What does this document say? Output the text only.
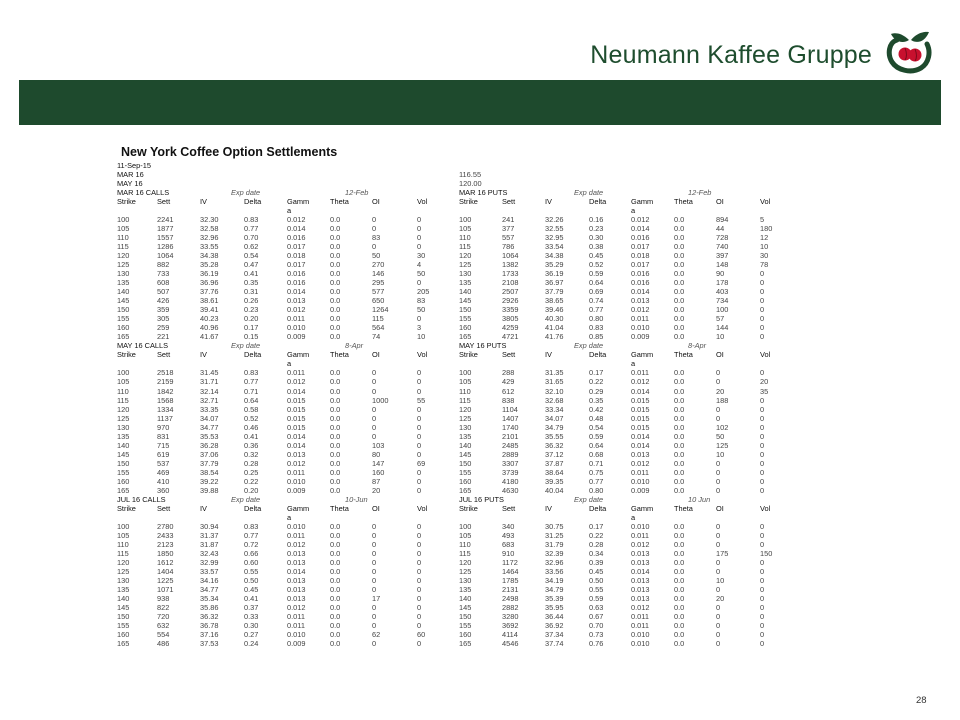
Neumann Kaffee Gruppe
New York Coffee Option Settlements
11-Sep-15
MAR 16	116.55
MAY 16	120.00
MAR 16 CALLS	Exp date	12-Feb	MAR 16 PUTS	Exp date	12-Feb
Strike	Sett	IV	Delta	Gamm	Theta	OI	Vol	Strike	Sett	IV	Delta	Gamm	Theta	OI	Vol
a	a
100	2241	32.30	0.83	0.012	0.0	0	0	100	241	32.26	0.16	0.012	0.0	894	5
105	1877	32.58	0.77	0.014	0.0	0	0	105	377	32.55	0.23	0.014	0.0	44	180
110	1557	32.96	0.70	0.016	0.0	83	0	110	557	32.95	0.30	0.016	0.0	728	12
115	1286	33.55	0.62	0.017	0.0	0	0	115	786	33.54	0.38	0.017	0.0	740	10
120	1064	34.38	0.54	0.018	0.0	50	30	120	1064	34.38	0.45	0.018	0.0	397	30
125	882	35.28	0.47	0.017	0.0	270	4	125	1382	35.29	0.52	0.017	0.0	148	78
130	733	36.19	0.41	0.016	0.0	146	50	130	1733	36.19	0.59	0.016	0.0	90	0
135	608	36.96	0.35	0.016	0.0	295	0	135	2108	36.97	0.64	0.016	0.0	178	0
140	507	37.76	0.31	0.014	0.0	577	205	140	2507	37.79	0.69	0.014	0.0	403	0
145	426	38.61	0.26	0.013	0.0	650	83	145	2926	38.65	0.74	0.013	0.0	734	0
150	359	39.41	0.23	0.012	0.0	1264	50	150	3359	39.46	0.77	0.012	0.0	100	0
155	305	40.23	0.20	0.011	0.0	115	0	155	3805	40.30	0.80	0.011	0.0	57	0
160	259	40.96	0.17	0.010	0.0	564	3	160	4259	41.04	0.83	0.010	0.0	144	0
165	221	41.67	0.15	0.009	0.0	74	10	165	4721	41.76	0.85	0.009	0.0	10	0
MAY 16 CALLS	Exp date	8-Apr	MAY 16 PUTS	Exp date	8-Apr
Strike	Sett	IV	Delta	Gamm	Theta	OI	Vol	Strike	Sett	IV	Delta	Gamm	Theta	OI	Vol
a	a
100	2518	31.45	0.83	0.011	0.0	0	0	100	288	31.35	0.17	0.011	0.0	0	0
105	2159	31.71	0.77	0.012	0.0	0	0	105	429	31.65	0.22	0.012	0.0	0	20
110	1842	32.14	0.71	0.014	0.0	0	0	110	612	32.10	0.29	0.014	0.0	20	35
115	1568	32.71	0.64	0.015	0.0	1000	55	115	838	32.68	0.35	0.015	0.0	188	0
120	1334	33.35	0.58	0.015	0.0	0	0	120	1104	33.34	0.42	0.015	0.0	0	0
125	1137	34.07	0.52	0.015	0.0	0	0	125	1407	34.07	0.48	0.015	0.0	0	0
130	970	34.77	0.46	0.015	0.0	0	0	130	1740	34.79	0.54	0.015	0.0	102	0
135	831	35.53	0.41	0.014	0.0	0	0	135	2101	35.55	0.59	0.014	0.0	50	0
140	715	36.28	0.36	0.014	0.0	103	0	140	2485	36.32	0.64	0.014	0.0	125	0
145	619	37.06	0.32	0.013	0.0	80	0	145	2889	37.12	0.68	0.013	0.0	10	0
150	537	37.79	0.28	0.012	0.0	147	69	150	3307	37.87	0.71	0.012	0.0	0	0
155	469	38.54	0.25	0.011	0.0	160	0	155	3739	38.64	0.75	0.011	0.0	0	0
160	410	39.22	0.22	0.010	0.0	87	0	160	4180	39.35	0.77	0.010	0.0	0	0
165	360	39.88	0.20	0.009	0.0	20	0	165	4630	40.04	0.80	0.009	0.0	0	0
JUL 16 CALLS	Exp date	10-Jun	JUL 16 PUTS	Exp date	10 Jun
Strike	Sett	IV	Delta	Gamm	Theta	OI	Vol	Strike	Sett	IV	Delta	Gamm	Theta	OI	Vol
a	a
100	2780	30.94	0.83	0.010	0.0	0	0	100	340	30.75	0.17	0.010	0.0	0	0
105	2433	31.37	0.77	0.011	0.0	0	0	105	493	31.25	0.22	0.011	0.0	0	0
110	2123	31.87	0.72	0.012	0.0	0	0	110	683	31.79	0.28	0.012	0.0	0	0
115	1850	32.43	0.66	0.013	0.0	0	0	115	910	32.39	0.34	0.013	0.0	175	150
120	1612	32.99	0.60	0.013	0.0	0	0	120	1172	32.96	0.39	0.013	0.0	0	0
125	1404	33.57	0.55	0.014	0.0	0	0	125	1464	33.56	0.45	0.014	0.0	0	0
130	1225	34.16	0.50	0.013	0.0	0	0	130	1785	34.19	0.50	0.013	0.0	10	0
135	1071	34.77	0.45	0.013	0.0	0	0	135	2131	34.79	0.55	0.013	0.0	0	0
140	938	35.34	0.41	0.013	0.0	17	0	140	2498	35.39	0.59	0.013	0.0	20	0
145	822	35.86	0.37	0.012	0.0	0	0	145	2882	35.95	0.63	0.012	0.0	0	0
150	720	36.32	0.33	0.011	0.0	0	0	150	3280	36.44	0.67	0.011	0.0	0	0
155	632	36.78	0.30	0.011	0.0	0	0	155	3692	36.92	0.70	0.011	0.0	0	0
160	554	37.16	0.27	0.010	0.0	62	60	160	4114	37.34	0.73	0.010	0.0	0	0
165	486	37.53	0.24	0.009	0.0	0	0	165	4546	37.74	0.76	0.010	0.0	0	0
28
